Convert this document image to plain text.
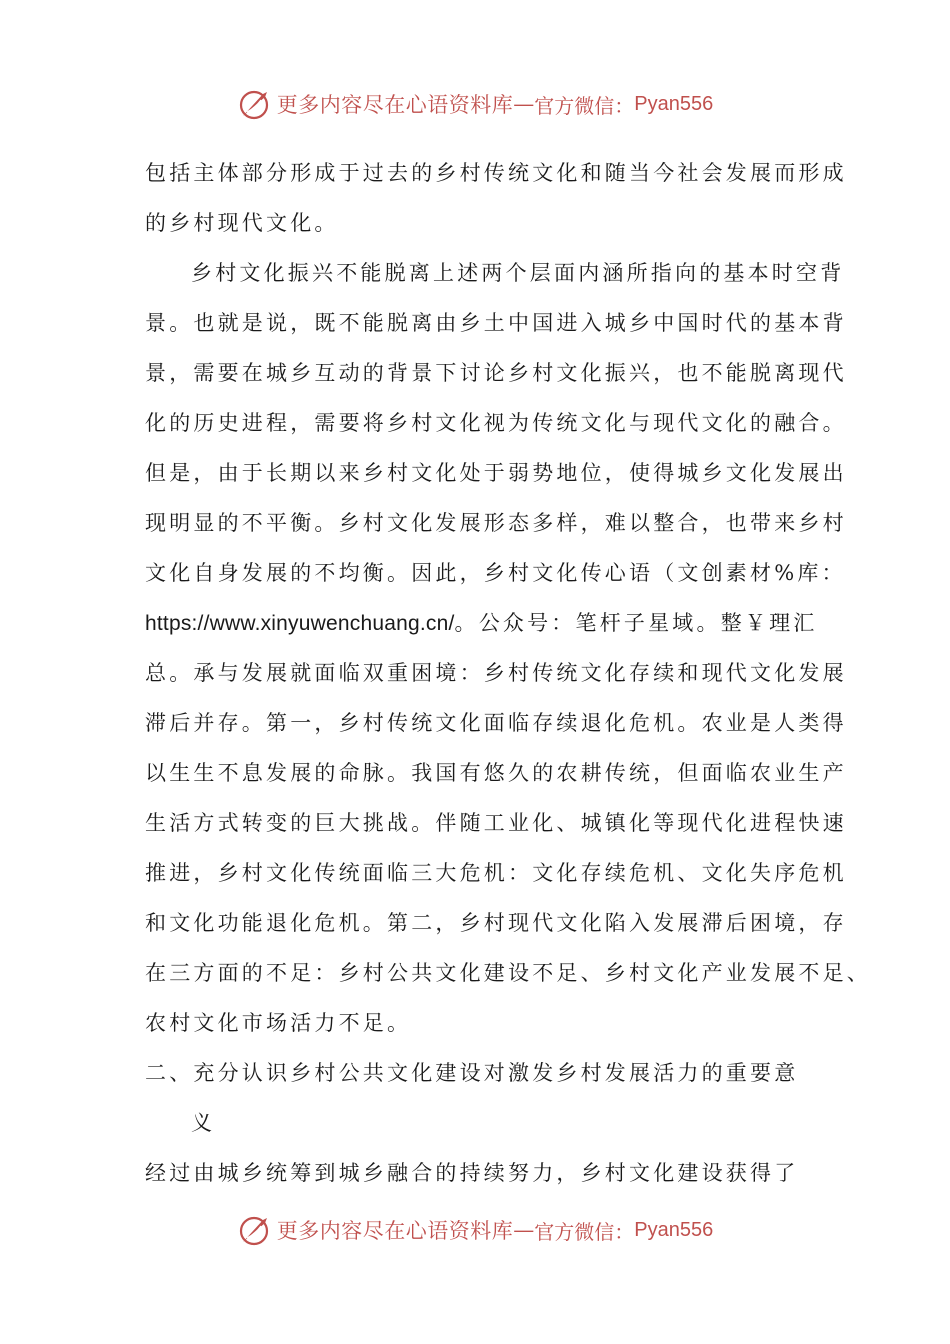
更多内容尽在心语资料库 — 官方微信： Pyan556
包括主体部分形成于过去的乡村传统文化和随当今社会发展而形成
的乡村现代文化。
乡村文化振兴不能脱离上述两个层面内涵所指向的基本时空背
景。也就是说，既不能脱离由乡土中国进入城乡中国时代的基本背
景，需要在城乡互动的背景下讨论乡村文化振兴，也不能脱离现代
化的历史进程，需要将乡村文化视为传统文化与现代文化的融合。
但是，由于长期以来乡村文化处于弱势地位，使得城乡文化发展出
现明显的不平衡。乡村文化发展形态多样，难以整合，也带来乡村
文化自身发展的不均衡。因此，乡村文化传心语（文创素材%库：
https://www.xinyuwenchuang.cn/。公众号：笔杆子星域。整￥理汇
总。承与发展就面临双重困境：乡村传统文化存续和现代文化发展
滞后并存。第一，乡村传统文化面临存续退化危机。农业是人类得
以生生不息发展的命脉。我国有悠久的农耕传统，但面临农业生产
生活方式转变的巨大挑战。伴随工业化、城镇化等现代化进程快速
推进，乡村文化传统面临三大危机：文化存续危机、文化失序危机
和文化功能退化危机。第二，乡村现代文化陷入发展滞后困境，存
在三方面的不足：乡村公共文化建设不足、乡村文化产业发展不足、
农村文化市场活力不足。
二、充分认识乡村公共文化建设对激发乡村发展活力的重要意
义
经过由城乡统筹到城乡融合的持续努力，乡村文化建设获得了
更多内容尽在心语资料库 — 官方微信： Pyan556
